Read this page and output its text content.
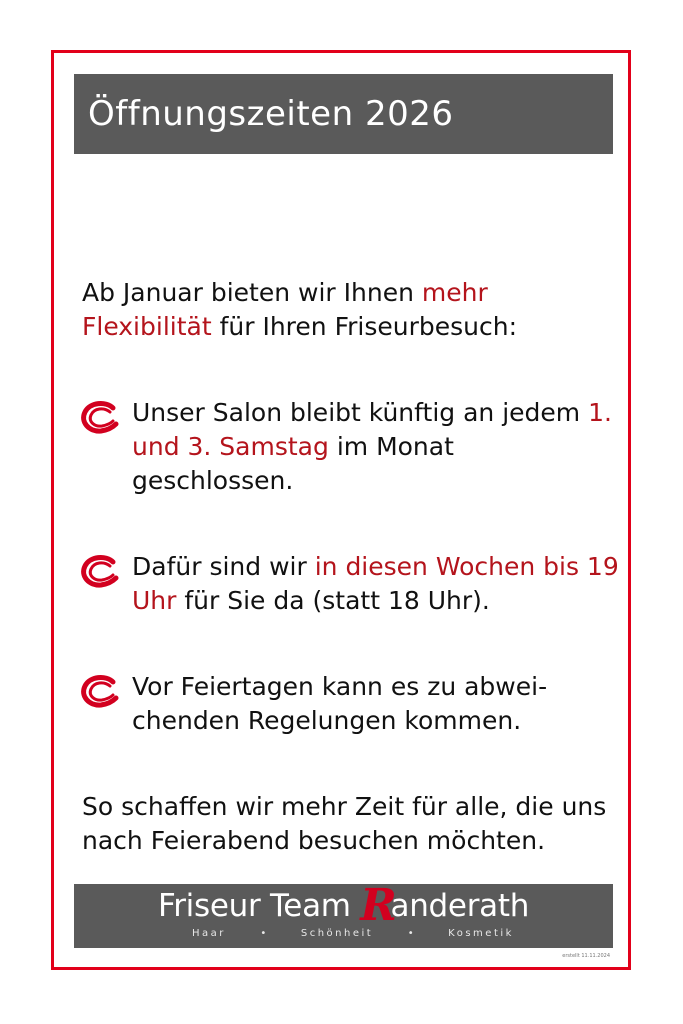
Öffnungszeiten 2026

Ab Januar bieten wir Ihnen mehr Flexibilität für Ihren Friseurbesuch:

Unser Salon bleibt künftig an jedem 1. und 3. Samstag im Monat geschlossen.
Dafür sind wir in diesen Wochen bis 19 Uhr für Sie da (statt 18 Uhr).
Vor Feiertagen kann es zu abwei-chenden Regelungen kommen.

So schaffen wir mehr Zeit für alle, die uns nach Feierabend besuchen möchten.

Friseur Team Randerath
Haar	•	Schönheit	•	Kosmetik
erstellt 11.11.2024
